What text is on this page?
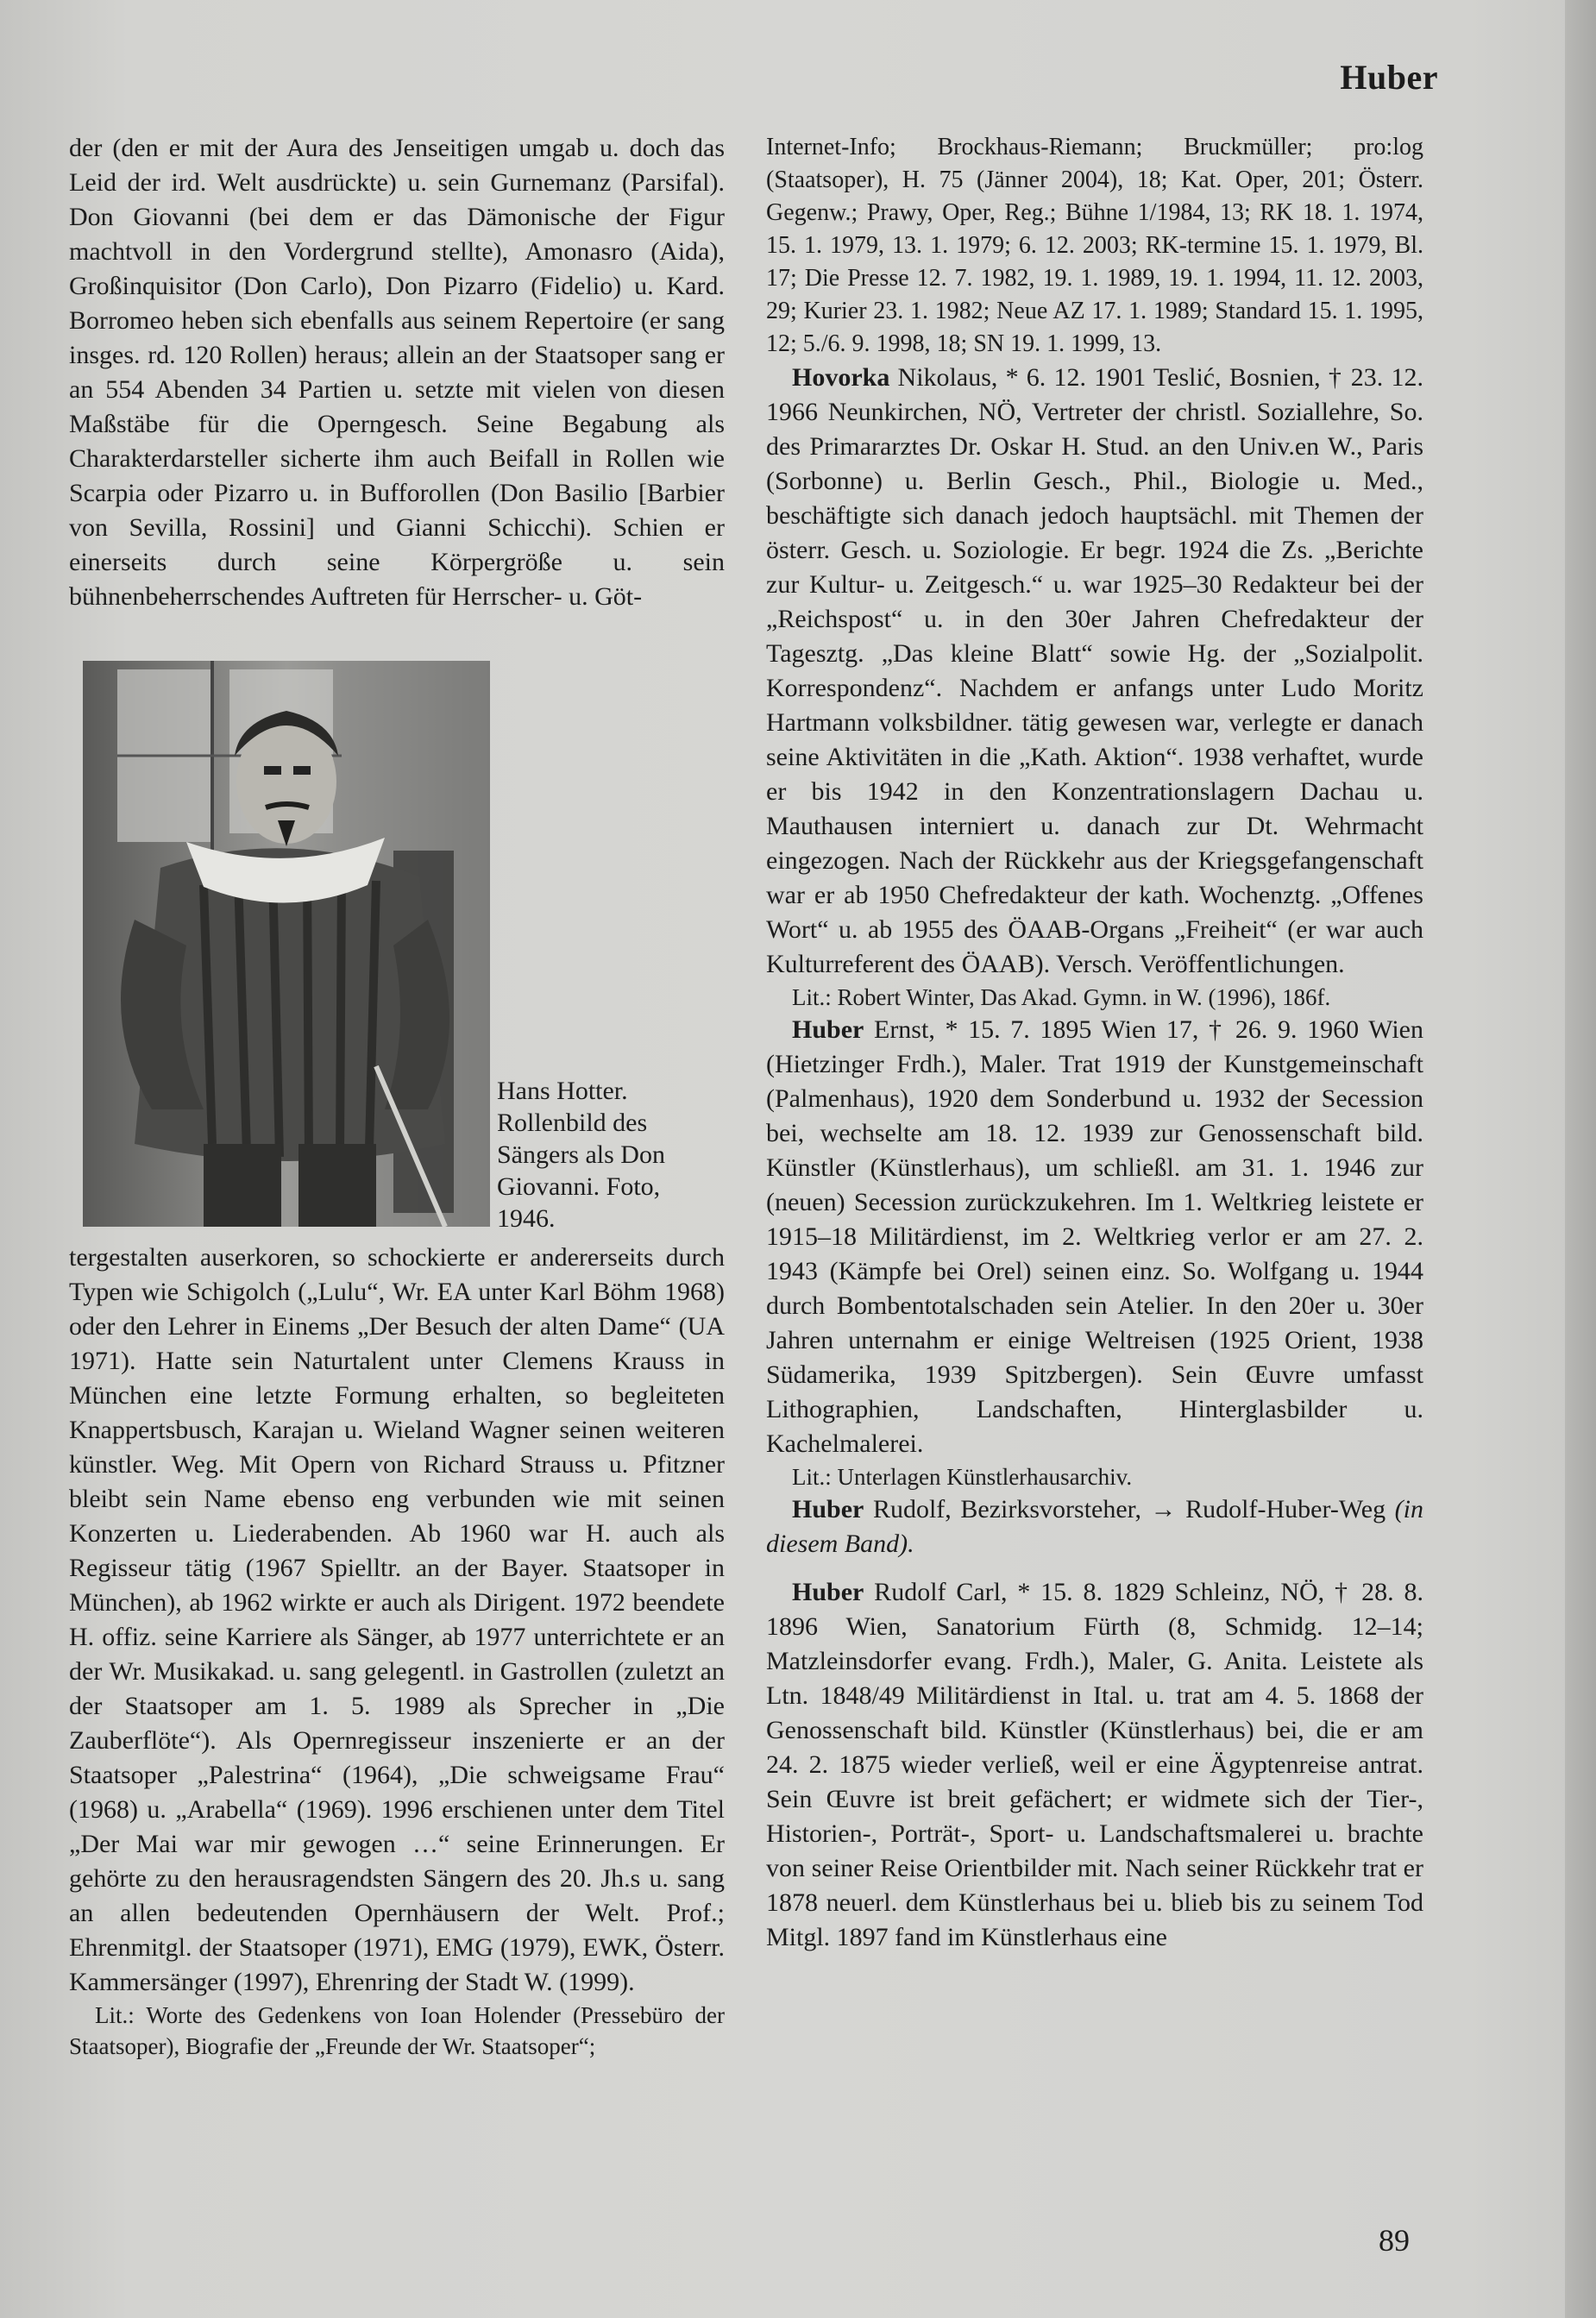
Huber

der (den er mit der Aura des Jenseitigen umgab u. doch das Leid der ird. Welt ausdrückte) u. sein Gurnemanz (Parsifal). Don Giovanni (bei dem er das Dämonische der Figur machtvoll in den Vordergrund stellte), Amonasro (Aida), Großinquisitor (Don Carlo), Don Pizarro (Fidelio) u. Kard. Borromeo heben sich ebenfalls aus seinem Repertoire (er sang insges. rd. 120 Rollen) heraus; allein an der Staatsoper sang er an 554 Abenden 34 Partien u. setzte mit vielen von diesen Maßstäbe für die Operngesch. Seine Begabung als Charakterdarsteller sicherte ihm auch Beifall in Rollen wie Scarpia oder Pizarro u. in Bufforollen (Don Basilio [Barbier von Sevilla, Rossini] und Gianni Schicchi). Schien er einerseits durch seine Körpergröße u. sein bühnenbeherrschendes Auftreten für Herrscher- u. Göt-

Hans Hotter. Rollenbild des Sängers als Don Giovanni. Foto, 1946.

tergestalten auserkoren, so schockierte er andererseits durch Typen wie Schigolch („Lulu“, Wr. EA unter Karl Böhm 1968) oder den Lehrer in Einems „Der Besuch der alten Dame“ (UA 1971). Hatte sein Naturtalent unter Clemens Krauss in München eine letzte Formung erhalten, so begleiteten Knappertsbusch, Karajan u. Wieland Wagner seinen weiteren künstler. Weg. Mit Opern von Richard Strauss u. Pfitzner bleibt sein Name ebenso eng verbunden wie mit seinen Konzerten u. Liederabenden. Ab 1960 war H. auch als Regisseur tätig (1967 Spielltr. an der Bayer. Staatsoper in München), ab 1962 wirkte er auch als Dirigent. 1972 beendete H. offiz. seine Karriere als Sänger, ab 1977 unterrichtete er an der Wr. Musikakad. u. sang gelegentl. in Gastrollen (zuletzt an der Staatsoper am 1. 5. 1989 als Sprecher in „Die Zauberflöte“). Als Opernregisseur inszenierte er an der Staatsoper „Palestrina“ (1964), „Die schweigsame Frau“ (1968) u. „Arabella“ (1969). 1996 erschienen unter dem Titel „Der Mai war mir gewogen …“ seine Erinnerungen. Er gehörte zu den herausragendsten Sängern des 20. Jh.s u. sang an allen bedeutenden Opernhäusern der Welt. Prof.; Ehrenmitgl. der Staatsoper (1971), EMG (1979), EWK, Österr. Kammersänger (1997), Ehrenring der Stadt W. (1999).

Lit.: Worte des Gedenkens von Ioan Holender (Pressebüro der Staatsoper), Biografie der „Freunde der Wr. Staatsoper“;

Internet-Info; Brockhaus-Riemann; Bruckmüller; pro:log (Staatsoper), H. 75 (Jänner 2004), 18; Kat. Oper, 201; Österr. Gegenw.; Prawy, Oper, Reg.; Bühne 1/1984, 13; RK 18. 1. 1974, 15. 1. 1979, 13. 1. 1979; 6. 12. 2003; RK-termine 15. 1. 1979, Bl. 17; Die Presse 12. 7. 1982, 19. 1. 1989, 19. 1. 1994, 11. 12. 2003, 29; Kurier 23. 1. 1982; Neue AZ 17. 1. 1989; Standard 15. 1. 1995, 12; 5./6. 9. 1998, 18; SN 19. 1. 1999, 13.

Hovorka Nikolaus, * 6. 12. 1901 Teslić, Bosnien, † 23. 12. 1966 Neunkirchen, NÖ, Vertreter der christl. Soziallehre, So. des Primararztes Dr. Oskar H. Stud. an den Univ.en W., Paris (Sorbonne) u. Berlin Gesch., Phil., Biologie u. Med., beschäftigte sich danach jedoch hauptsächl. mit Themen der österr. Gesch. u. Soziologie. Er begr. 1924 die Zs. „Berichte zur Kultur- u. Zeitgesch.“ u. war 1925–30 Redakteur bei der „Reichspost“ u. in den 30er Jahren Chefredakteur der Tagesztg. „Das kleine Blatt“ sowie Hg. der „Sozialpolit. Korrespondenz“. Nachdem er anfangs unter Ludo Moritz Hartmann volksbildner. tätig gewesen war, verlegte er danach seine Aktivitäten in die „Kath. Aktion“. 1938 verhaftet, wurde er bis 1942 in den Konzentrationslagern Dachau u. Mauthausen interniert u. danach zur Dt. Wehrmacht eingezogen. Nach der Rückkehr aus der Kriegsgefangenschaft war er ab 1950 Chefredakteur der kath. Wochenztg. „Offenes Wort“ u. ab 1955 des ÖAAB-Organs „Freiheit“ (er war auch Kulturreferent des ÖAAB). Versch. Veröffentlichungen.

Lit.: Robert Winter, Das Akad. Gymn. in W. (1996), 186f.

Huber Ernst, * 15. 7. 1895 Wien 17, † 26. 9. 1960 Wien (Hietzinger Frdh.), Maler. Trat 1919 der Kunstgemeinschaft (Palmenhaus), 1920 dem Sonderbund u. 1932 der Secession bei, wechselte am 18. 12. 1939 zur Genossenschaft bild. Künstler (Künstlerhaus), um schließl. am 31. 1. 1946 zur (neuen) Secession zurückzukehren. Im 1. Weltkrieg leistete er 1915–18 Militärdienst, im 2. Weltkrieg verlor er am 27. 2. 1943 (Kämpfe bei Orel) seinen einz. So. Wolfgang u. 1944 durch Bombentotalschaden sein Atelier. In den 20er u. 30er Jahren unternahm er einige Weltreisen (1925 Orient, 1938 Südamerika, 1939 Spitzbergen). Sein Œuvre umfasst Lithographien, Landschaften, Hinterglasbilder u. Kachelmalerei.

Lit.: Unterlagen Künstlerhausarchiv.

Huber Rudolf, Bezirksvorsteher, → Rudolf-Huber-Weg (in diesem Band).

Huber Rudolf Carl, * 15. 8. 1829 Schleinz, NÖ, † 28. 8. 1896 Wien, Sanatorium Fürth (8, Schmidg. 12–14; Matzleinsdorfer evang. Frdh.), Maler, G. Anita. Leistete als Ltn. 1848/49 Militärdienst in Ital. u. trat am 4. 5. 1868 der Genossenschaft bild. Künstler (Künstlerhaus) bei, die er am 24. 2. 1875 wieder verließ, weil er eine Ägyptenreise antrat. Sein Œuvre ist breit gefächert; er widmete sich der Tier-, Historien-, Porträt-, Sport- u. Landschaftsmalerei u. brachte von seiner Reise Orientbilder mit. Nach seiner Rückkehr trat er 1878 neuerl. dem Künstlerhaus bei u. blieb bis zu seinem Tod Mitgl. 1897 fand im Künstlerhaus eine

89
